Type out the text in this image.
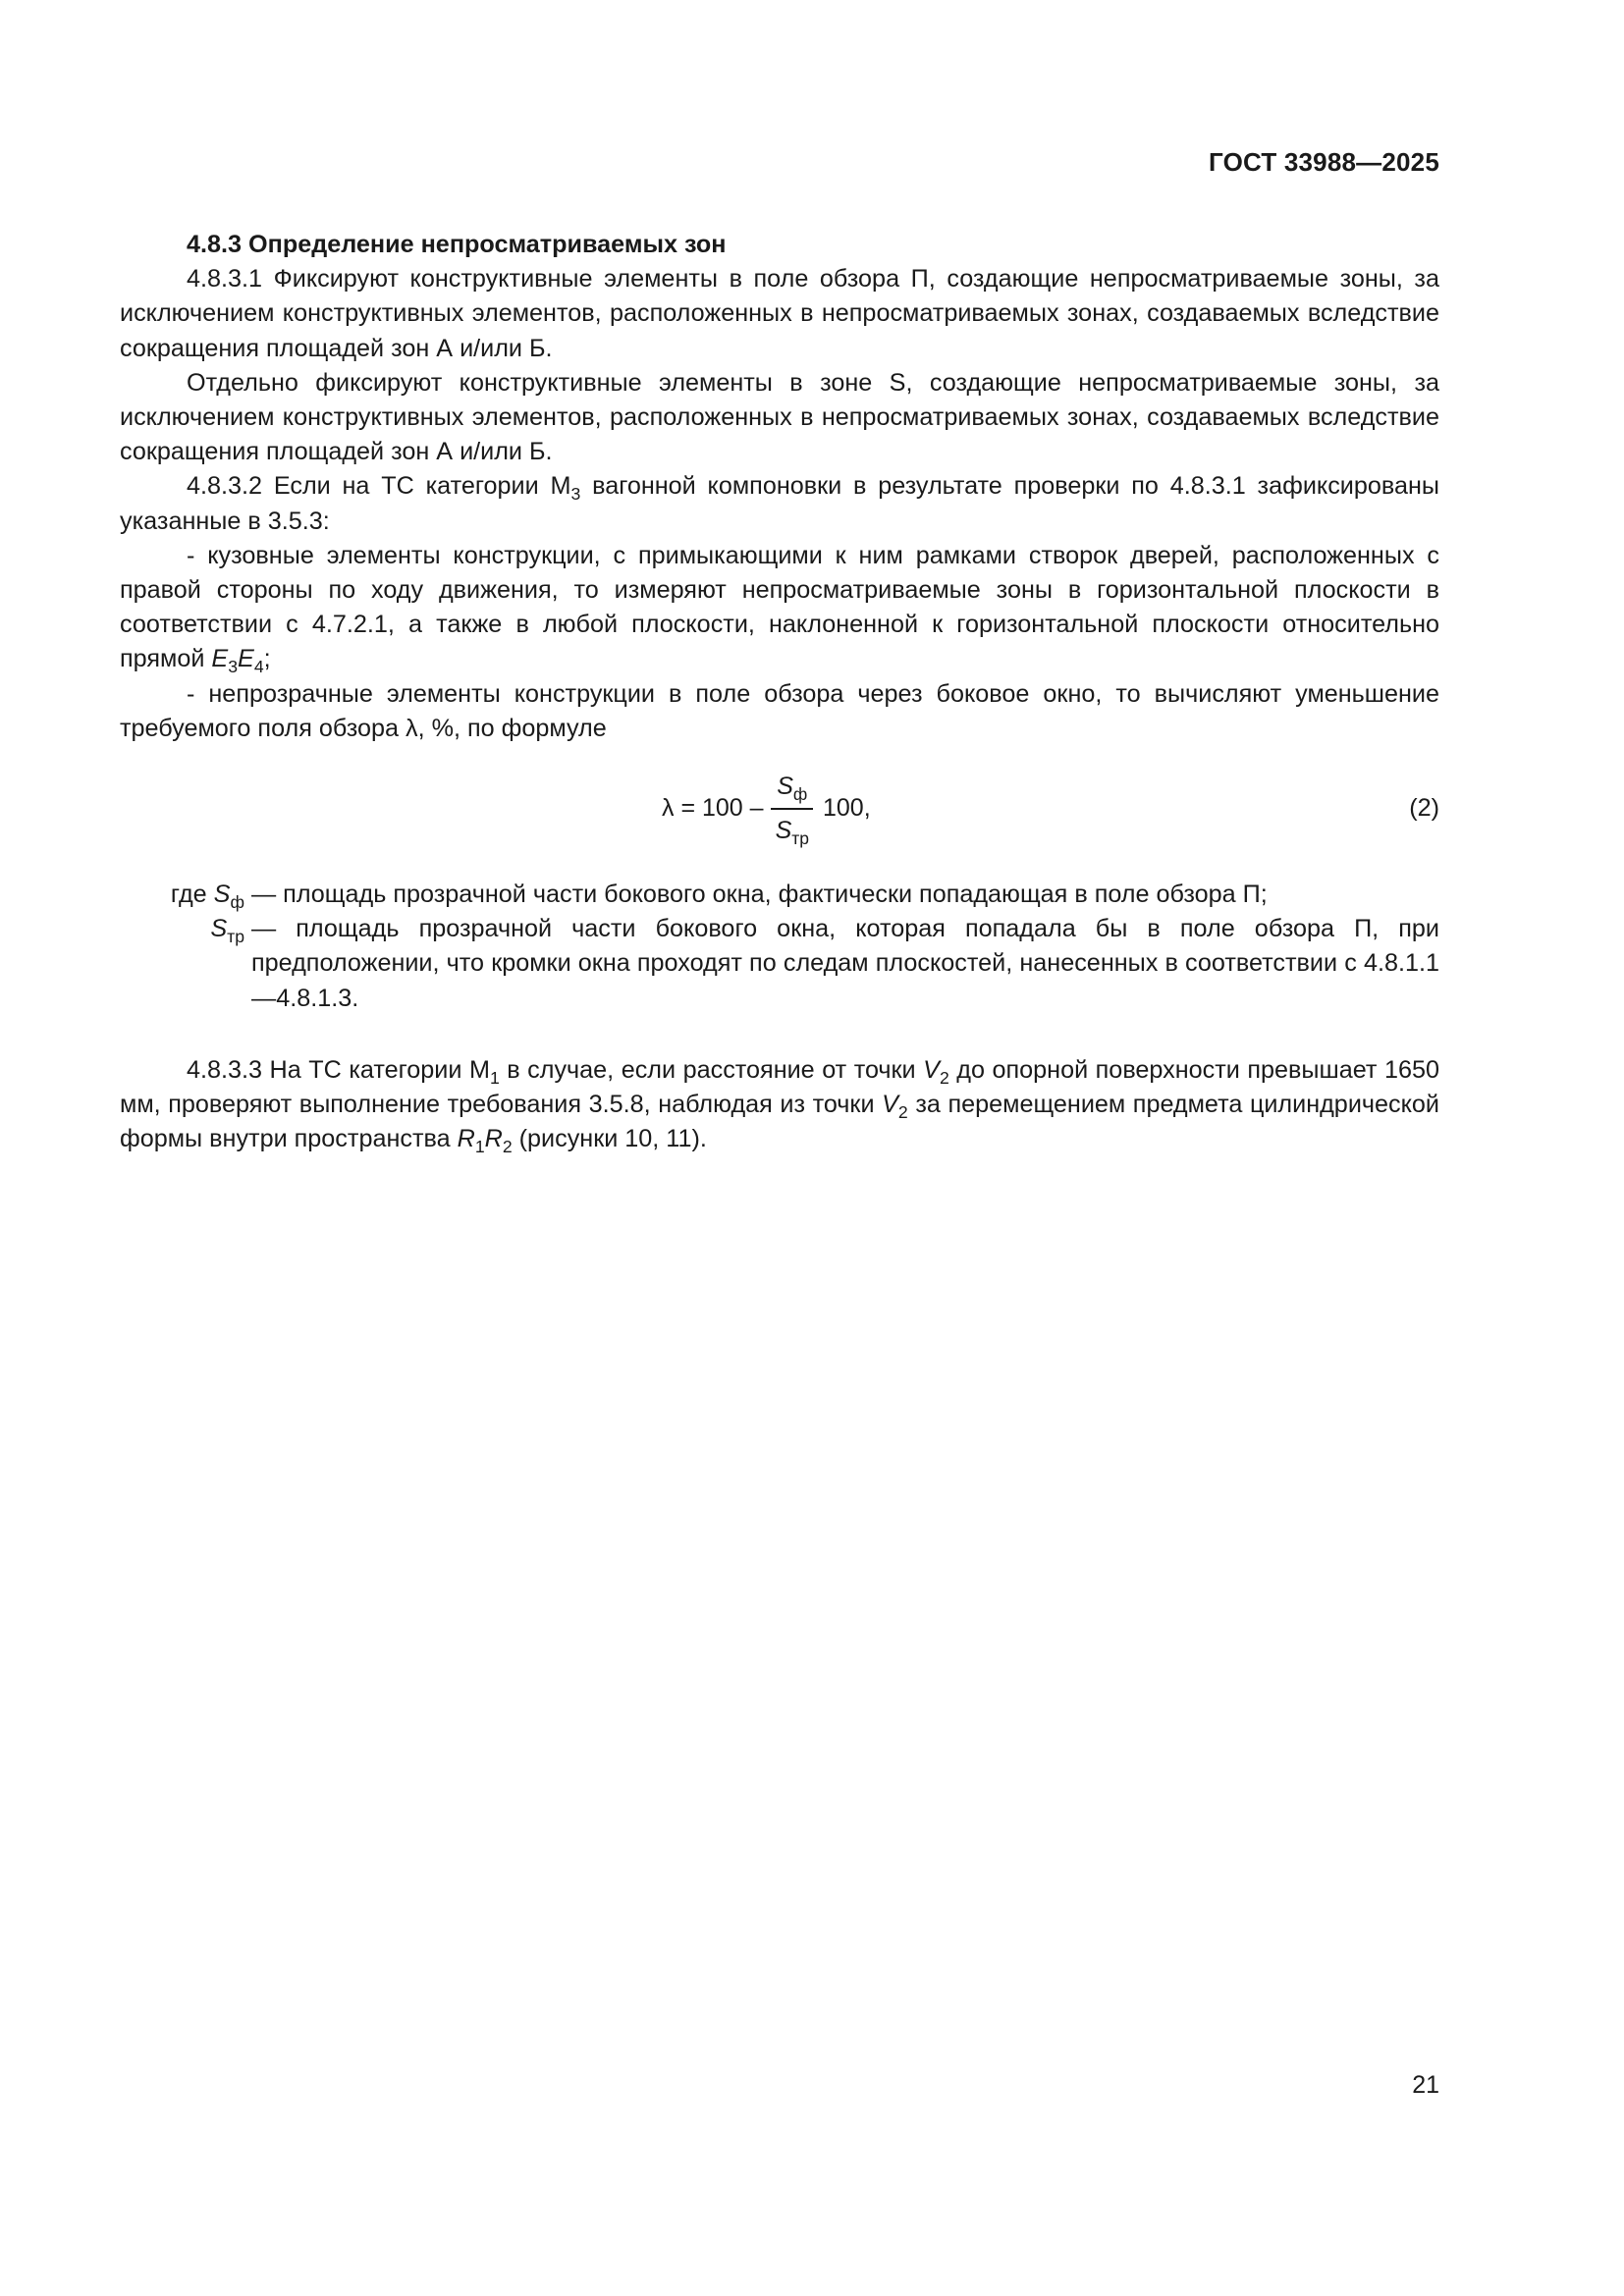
ГОСТ 33988—2025

4.8.3 Определение непросматриваемых зон

4.8.3.1 Фиксируют конструктивные элементы в поле обзора П, создающие непросматриваемые зоны, за исключением конструктивных элементов, расположенных в непросматриваемых зонах, создаваемых вследствие сокращения площадей зон А и/или Б.

Отдельно фиксируют конструктивные элементы в зоне S, создающие непросматриваемые зоны, за исключением конструктивных элементов, расположенных в непросматриваемых зонах, создаваемых вследствие сокращения площадей зон А и/или Б.

4.8.3.2 Если на ТС категории $М_3$ вагонной компоновки в результате проверки по 4.8.3.1 зафиксированы указанные в 3.5.3:

- кузовные элементы конструкции, с примыкающими к ним рамками створок дверей, расположенных с правой стороны по ходу движения, то измеряют непросматриваемые зоны в горизонтальной плоскости в соответствии с 4.7.2.1, а также в любой плоскости, наклоненной к горизонтальной плоскости относительно прямой $E_3E_4$;

- непрозрачные элементы конструкции в поле обзора через боковое окно, то вычисляют уменьшение требуемого поля обзора λ, %, по формуле

$\lambda = 100 - \frac{S_ф}{S_{тр}} 100$,	(2)
где $S_ф$ — площадь прозрачной части бокового окна, фактически попадающая в поле обзора П;
$S_{тр}$ — площадь прозрачной части бокового окна, которая попадала бы в поле обзора П, при предположении, что кромки окна проходят по следам плоскостей, нанесенных в соответствии с 4.8.1.1—4.8.1.3.

4.8.3.3 На ТС категории $М_1$ в случае, если расстояние от точки $V_2$ до опорной поверхности превышает 1650 мм, проверяют выполнение требования 3.5.8, наблюдая из точки $V_2$ за перемещением предмета цилиндрической формы внутри пространства $R_1R_2$ (рисунки 10, 11).

21
